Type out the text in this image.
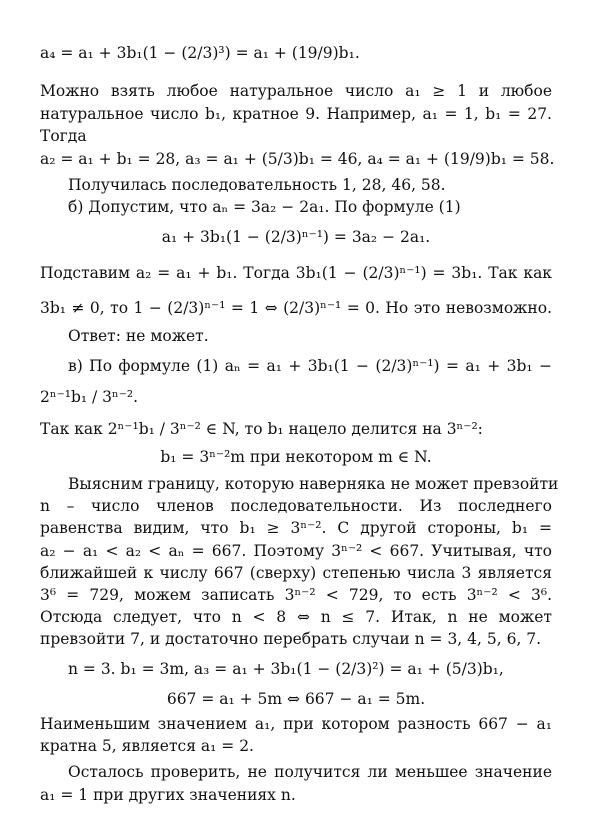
a₄ = a₁ + 3b₁(1 − (2/3)³) = a₁ + (19/9)b₁.
Можно взять любое натуральное число a₁ ≥ 1 и любое
натуральное число b₁, кратное 9. Например, a₁ = 1, b₁ = 27.
Тогда
a₂ = a₁ + b₁ = 28, a₃ = a₁ + (5/3)b₁ = 46, a₄ = a₁ + (19/9)b₁ = 58.
Получилась последовательность 1, 28, 46, 58.
б) Допустим, что aₙ = 3a₂ − 2a₁. По формуле (1)
a₁ + 3b₁(1 − (2/3)ⁿ⁻¹) = 3a₂ − 2a₁.
Подставим a₂ = a₁ + b₁. Тогда 3b₁(1 − (2/3)ⁿ⁻¹) = 3b₁. Так как
3b₁ ≠ 0, то 1 − (2/3)ⁿ⁻¹ = 1 ⇔ (2/3)ⁿ⁻¹ = 0. Но это невозможно.
Ответ: не может.
в) По формуле (1) aₙ = a₁ + 3b₁(1 − (2/3)ⁿ⁻¹) = a₁ + 3b₁ −
2ⁿ⁻¹b₁ / 3ⁿ⁻².
Так как 2ⁿ⁻¹b₁ / 3ⁿ⁻² ∈ N, то b₁ нацело делится на 3ⁿ⁻²:
b₁ = 3ⁿ⁻²m при некотором m ∈ N.
Выясним границу, которую наверняка не может превзойти
n – число членов последовательности. Из последнего
равенства видим, что b₁ ≥ 3ⁿ⁻². С другой стороны, b₁ =
a₂ − a₁ < a₂ < aₙ = 667. Поэтому 3ⁿ⁻² < 667. Учитывая, что
ближайшей к числу 667 (сверху) степенью числа 3 является
3⁶ = 729, можем записать 3ⁿ⁻² < 729, то есть 3ⁿ⁻² < 3⁶.
Отсюда следует, что n < 8 ⇔ n ≤ 7. Итак, n не может
превзойти 7, и достаточно перебрать случаи n = 3, 4, 5, 6, 7.
n = 3. b₁ = 3m, a₃ = a₁ + 3b₁(1 − (2/3)²) = a₁ + (5/3)b₁,
667 = a₁ + 5m ⇔ 667 − a₁ = 5m.
Наименьшим значением a₁, при котором разность 667 − a₁
кратна 5, является a₁ = 2.
Осталось проверить, не получится ли меньшее значение
a₁ = 1 при других значениях n.
